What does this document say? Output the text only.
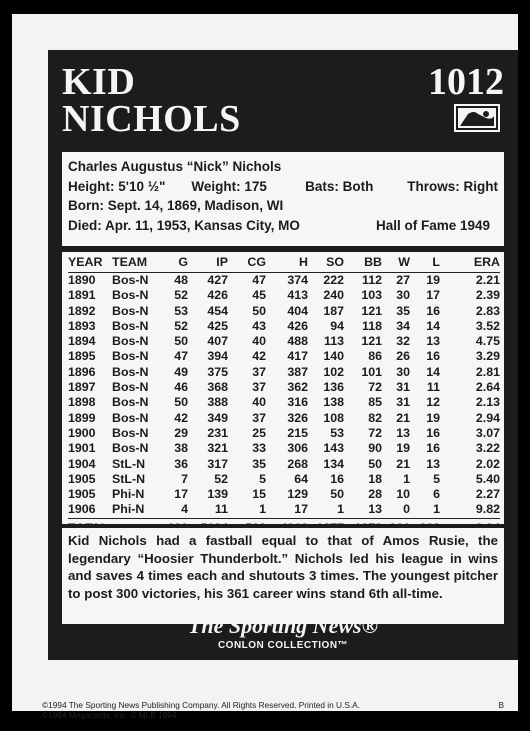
KID
NICHOLS
1012
Charles Augustus “Nick” Nichols
Height: 5'10 ½"	Weight: 175	Bats: Both	Throws: Right
Born: Sept. 14, 1869, Madison, WI
Died: Apr. 11, 1953, Kansas City, MO	Hall of Fame 1949
YEAR	TEAM	G	IP	CG	H	SO	BB	W	L	ERA
1890	Bos-N	48	427	47	374	222	112	27	19	2.21
1891	Bos-N	52	426	45	413	240	103	30	17	2.39
1892	Bos-N	53	454	50	404	187	121	35	16	2.83
1893	Bos-N	52	425	43	426	94	118	34	14	3.52
1894	Bos-N	50	407	40	488	113	121	32	13	4.75
1895	Bos-N	47	394	42	417	140	86	26	16	3.29
1896	Bos-N	49	375	37	387	102	101	30	14	2.81
1897	Bos-N	46	368	37	362	136	72	31	11	2.64
1898	Bos-N	50	388	40	316	138	85	31	12	2.13
1899	Bos-N	42	349	37	326	108	82	21	19	2.94
1900	Bos-N	29	231	25	215	53	72	13	16	3.07
1901	Bos-N	38	321	33	306	143	90	19	16	3.22
1904	StL-N	36	317	35	268	134	50	21	13	2.02
1905	StL-N	7	52	5	64	16	18	1	5	5.40
1905	Phi-N	17	139	15	129	50	28	10	6	2.27
1906	Phi-N	4	11	1	17	1	13	0	1	9.82

Kid Nichols had a fastball equal to that of Amos Rusie, the legendary “Hoosier Thunderbolt.” Nichols led his league in wins and saves 4 times each and shutouts 3 times. The youngest pitcher to post 300 victories, his 361 career wins stand 6th all-time.
The Sporting News®
CONLON COLLECTION™
©1994 The Sporting News Publishing Company. All Rights Reserved. Printed in U.S.A.
©1994 Megacards, Inc. © MLB 1994
B
